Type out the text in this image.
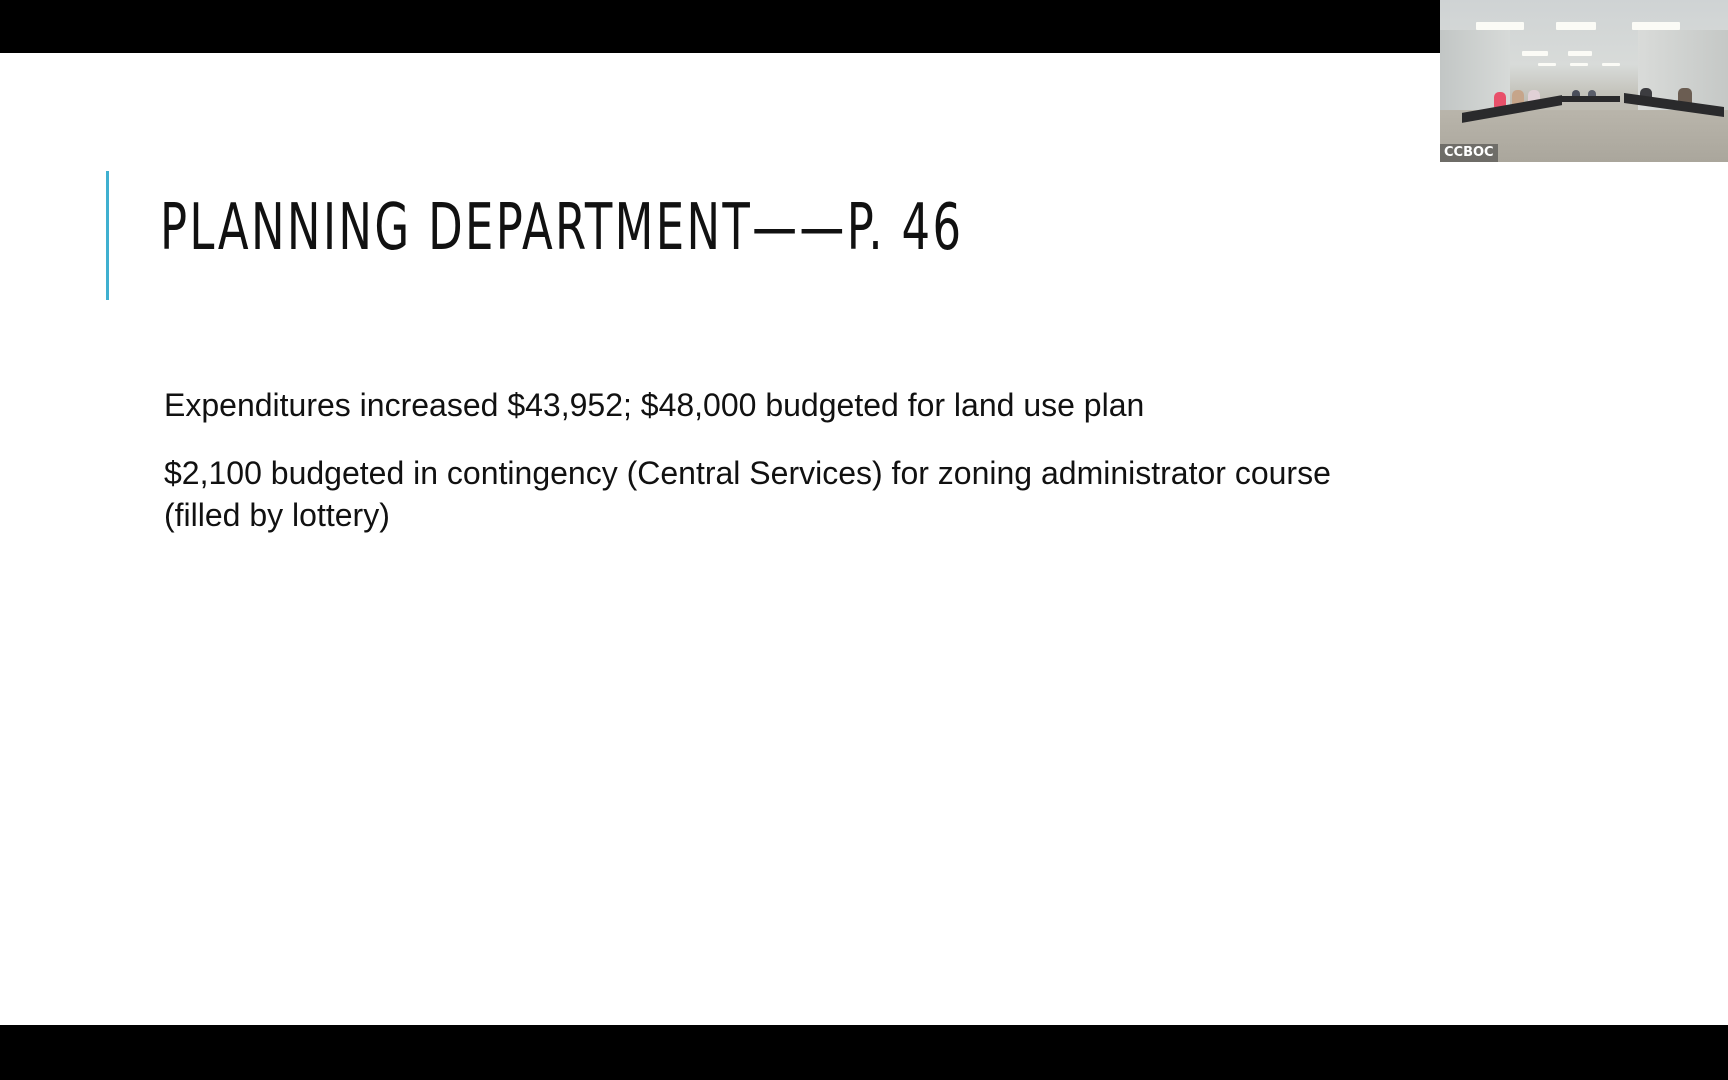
PLANNING DEPARTMENT——P. 46
Expenditures increased $43,952; $48,000 budgeted for land use plan
$2,100 budgeted in contingency (Central Services) for zoning administrator course
(filled by lottery)
CCBOC
